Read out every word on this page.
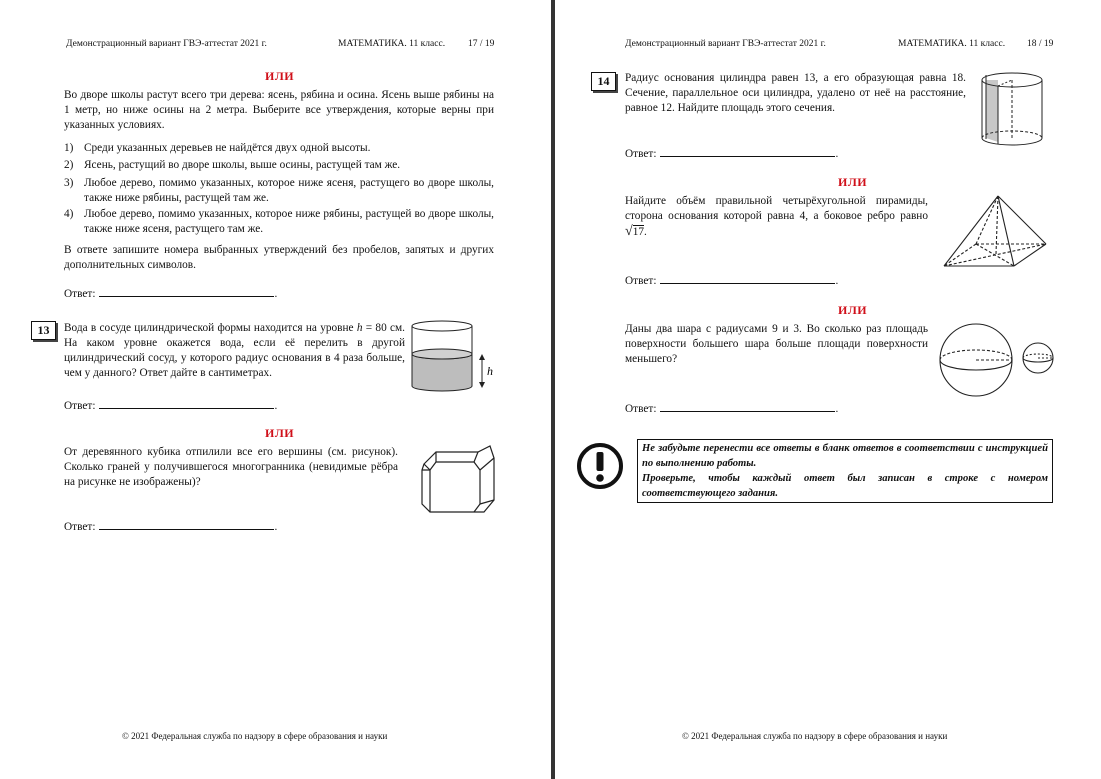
Демонстрационный вариант ГВЭ-аттестат 2021 г.	МАТЕМАТИКА. 11 класс. 17 / 19
ИЛИ
Во дворе школы растут всего три дерева: ясень, рябина и осина. Ясень выше рябины на 1 метр, но ниже осины на 2 метра. Выберите все утверждения, которые верны при указанных условиях.
1) Среди указанных деревьев не найдётся двух одной высоты.
2) Ясень, растущий во дворе школы, выше осины, растущей там же.
3) Любое дерево, помимо указанных, которое ниже ясеня, растущего во дворе школы, также ниже рябины, растущей там же.
4) Любое дерево, помимо указанных, которое ниже рябины, растущей во дворе школы, также ниже ясеня, растущего там же.
В ответе запишите номера выбранных утверждений без пробелов, запятых и других дополнительных символов.
Ответ:	.
13	Вода в сосуде цилиндрической формы находится на уровне h = 80 см. На каком уровне окажется вода, если её перелить в другой цилиндрический сосуд, у которого радиус основания в 4 раза больше, чем у данного? Ответ дайте в сантиметрах.	h
Ответ:	.
ИЛИ
От деревянного кубика отпилили все его вершины (см. рисунок). Сколько граней у получившегося многогранника (невидимые рёбра на рисунке не изображены)?
Ответ:	.
© 2021 Федеральная служба по надзору в сфере образования и науки
Демонстрационный вариант ГВЭ-аттестат 2021 г.	МАТЕМАТИКА. 11 класс. 18 / 19
14	Радиус основания цилиндра равен 13, а его образующая равна 18. Сечение, параллельное оси цилиндра, удалено от неё на расстояние, равное 12. Найдите площадь этого сечения.
Ответ:	.
ИЛИ
Найдите объём правильной четырёхугольной пирамиды, сторона основания которой равна 4, а боковое ребро равно √17.
Ответ:	.
ИЛИ
Даны два шара с радиусами 9 и 3. Во сколько раз площадь поверхности большего шара больше площади поверхности меньшего?
Ответ:	.
Не забудьте перенести все ответы в бланк ответов в соответствии с инструкцией по выполнению работы.
Проверьте, чтобы каждый ответ был записан в строке с номером соответствующего задания.
© 2021 Федеральная служба по надзору в сфере образования и науки
